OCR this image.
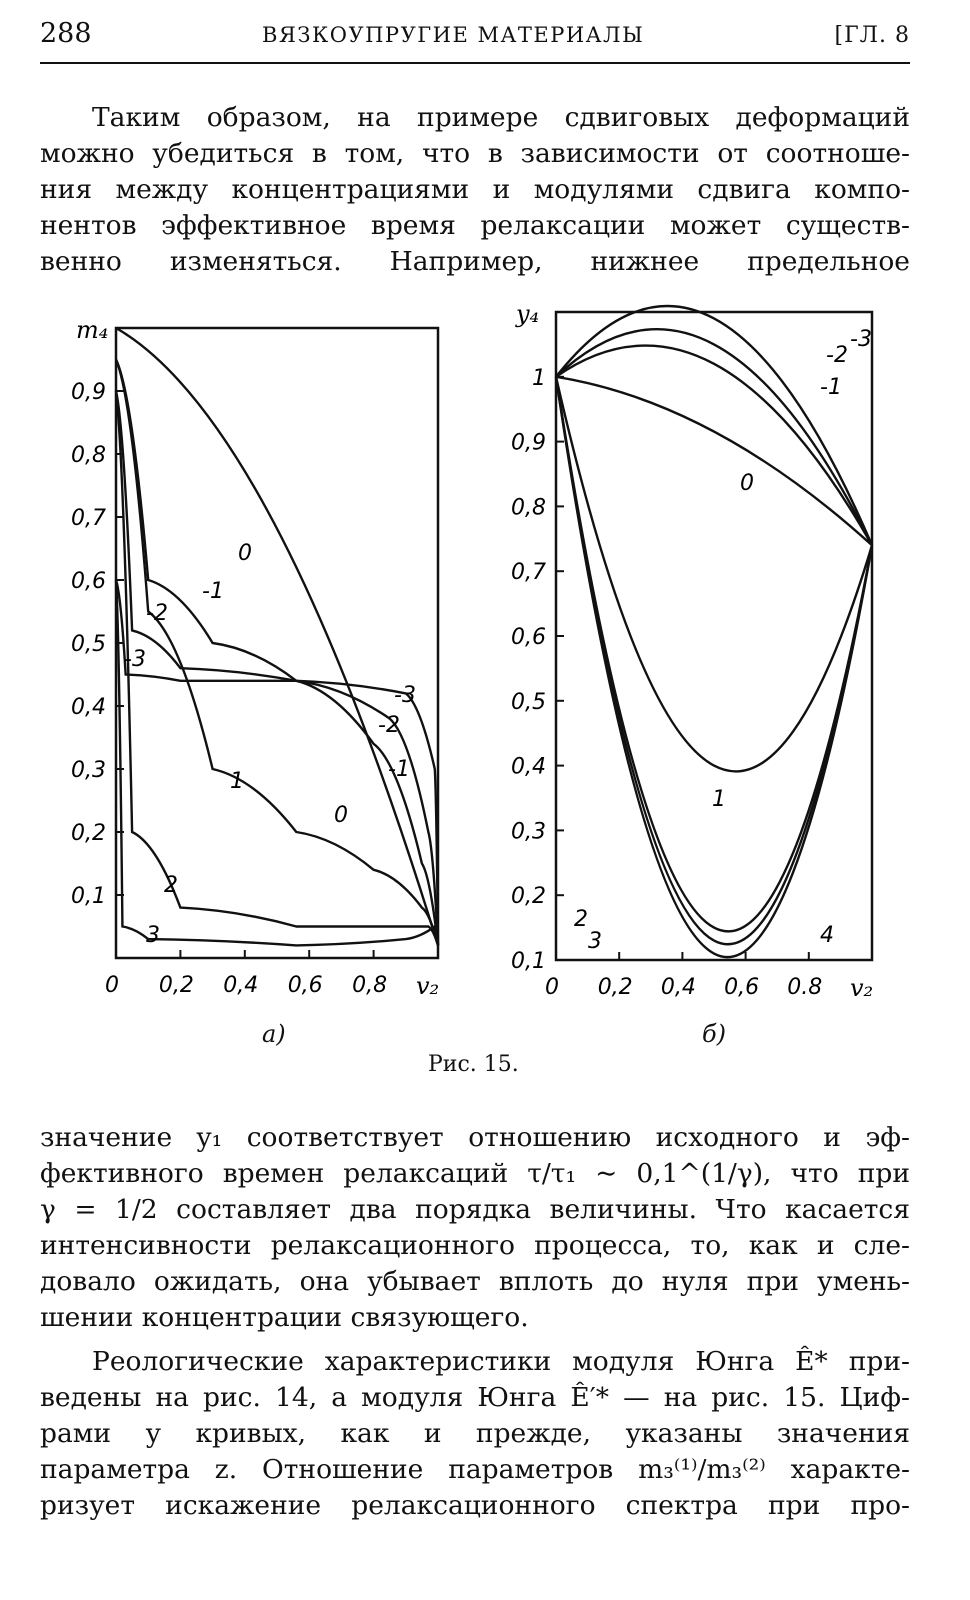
288	ВЯЗКОУПРУГИЕ МАТЕРИАЛЫ	[ГЛ. 8

Таким образом, на примере сдвиговых деформаций

можно убедиться в том, что в зависимости от соотноше-

ния между концентрациями и модулями сдвига компо-

нентов эффективное время релаксации может существ-

венно изменяться. Например, нижнее предельное

0,1
0,2
0,3
0,4
0,5
0,6
0,7
0,8
0,9
0 0,2 0,4 0,6 0,8
m₄
v₂
0
-1
-2
-3
-3
-2
-1
0
1
2
3
0,1
0,2
0,3
0,4
0,5
0,6
0,7
0,8
0,9
1
0 0,2 0,4 0,6 0.8
y₄
v₂
-3
-2
-1
0
1
2
3	4
а)	б)
Рис. 15.

значение y₁ соответствует отношению исходного и эф-

фективного времен релаксаций τ/τ₁ ∼ 0,1^(1/γ), что при

γ = 1/2 составляет два порядка величины. Что касается

интенсивности релаксационного процесса, то, как и сле-

довало ожидать, она убывает вплоть до нуля при умень-

шении концентрации связующего.

Реологические характеристики модуля Юнга Ê* при-

ведены на рис. 14, а модуля Юнга Ê′* — на рис. 15. Циф-

рами у кривых, как и прежде, указаны значения

параметра z. Отношение параметров m₃⁽¹⁾/m₃⁽²⁾ характе-

ризует искажение релаксационного спектра при про-
